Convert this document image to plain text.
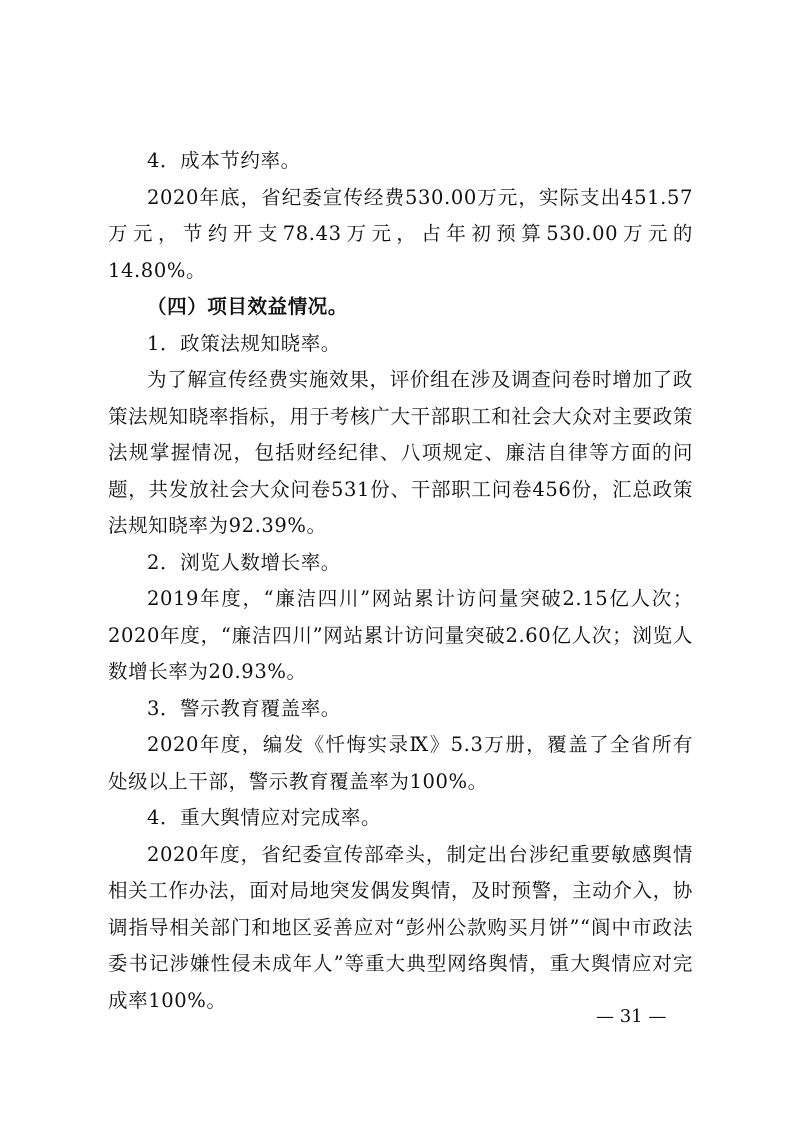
4．成本节约率。

2020年底，省纪委宣传经费530.00万元，实际支出451.57万元，节约开支78.43万元，占年初预算530.00万元的14.80%。

（四）项目效益情况。

1．政策法规知晓率。

为了解宣传经费实施效果，评价组在涉及调查问卷时增加了政策法规知晓率指标，用于考核广大干部职工和社会大众对主要政策法规掌握情况，包括财经纪律、八项规定、廉洁自律等方面的问题，共发放社会大众问卷531份、干部职工问卷456份，汇总政策法规知晓率为92.39%。

2．浏览人数增长率。

2019年度，“廉洁四川”网站累计访问量突破2.15亿人次；2020年度，“廉洁四川”网站累计访问量突破2.60亿人次；浏览人数增长率为20.93%。

3．警示教育覆盖率。

2020年度，编发《忏悔实录Ⅸ》5.3万册，覆盖了全省所有处级以上干部，警示教育覆盖率为100%。

4．重大舆情应对完成率。

2020年度，省纪委宣传部牵头，制定出台涉纪重要敏感舆情相关工作办法，面对局地突发偶发舆情，及时预警，主动介入，协调指导相关部门和地区妥善应对“彭州公款购买月饼”“阆中市政法委书记涉嫌性侵未成年人”等重大典型网络舆情，重大舆情应对完成率100%。

— 31 —
